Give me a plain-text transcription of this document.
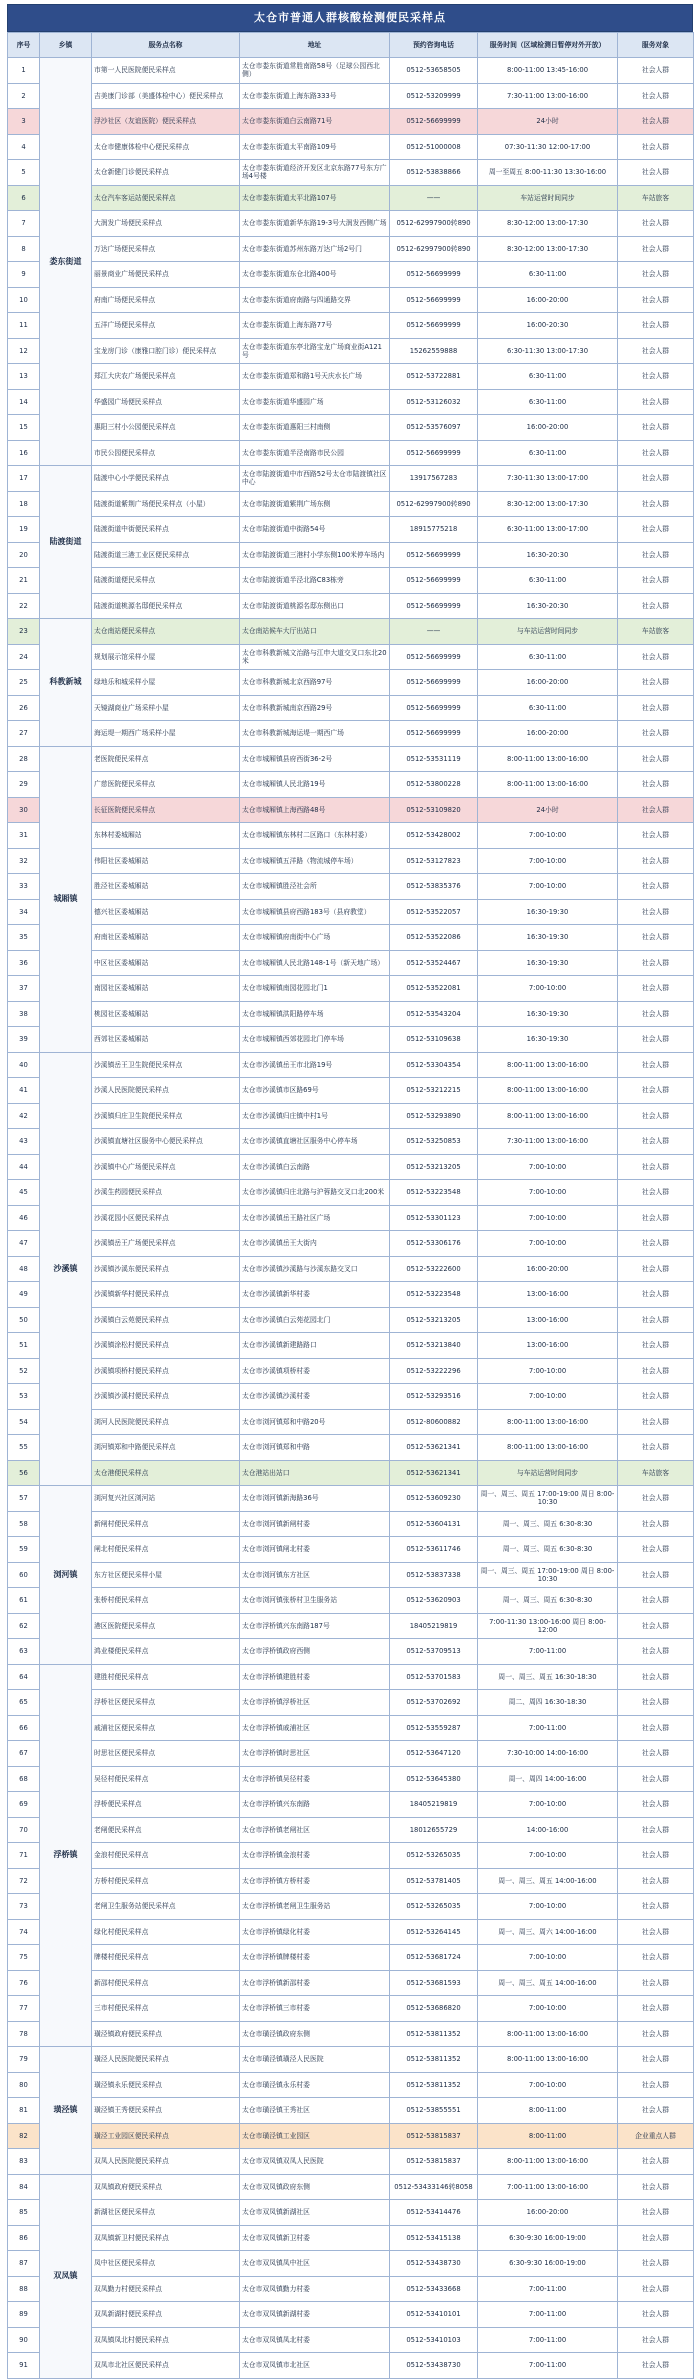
太仓市普通人群核酸检测便民采样点
序号	乡镇	服务点名称	地址	预约咨询电话	服务时间（区域检测日暂停对外开放）	服务对象
1	娄东街道	市第一人民医院便民采样点	太仓市娄东街道常胜南路58号（足球公园西北侧）	0512-53658505	8:00-11:00 13:45-16:00	社会人群
2		吉美康门诊部（美盛体检中心）便民采样点	太仓市娄东街道上海东路333号	0512-53209999	7:30-11:00 13:00-16:00	社会人群
3		浮沙社区（友谊医院）便民采样点	太仓市娄东街道白云南路71号	0512-56699999	24小时	社会人群
4		太仓市健康体检中心便民采样点	太仓市娄东街道太平南路109号	0512-51000008	07:30-11:30 12:00-17:00	社会人群
5		太仓新健门诊便民采样点	太仓市娄东街道经济开发区北京东路77号东方广场4号楼	0512-53838866	周一至周五 8:00-11:30 13:30-16:00	社会人群
6		太仓汽车客运站便民采样点	太仓市娄东街道太平北路107号	——	车站运营时间同步	车站旅客
7		大润发广场便民采样点	太仓市娄东街道新华东路19-3号大润发西侧广场	0512-62997900转890	8:30-12:00 13:00-17:30	社会人群
8		万达广场便民采样点	太仓市娄东街道苏州东路万达广场2号门	0512-62997900转890	8:30-12:00 13:00-17:30	社会人群
9		丽景商业广场便民采样点	太仓市娄东街道东仓北路400号	0512-56699999	6:30-11:00	社会人群
10		府南广场便民采样点	太仓市娄东街道府南路与四通路交界	0512-56699999	16:00-20:00	社会人群
11		五洋广场便民采样点	太仓市娄东街道上海东路77号	0512-56699999	16:00-20:30	社会人群
12		宝龙房门诊（康雅口腔门诊）便民采样点	太仓市娄东街道东亭北路宝龙广场商业街A121号	15262559888	6:30-11:30 13:00-17:30	社会人群
13		郑江大庆农广场便民采样点	太仓市娄东街道郑和路1号天庆水长广场	0512-53722881	6:30-11:00	社会人群
14		华盛园广场便民采样点	太仓市娄东街道华盛园广场	0512-53126032	6:30-11:00	社会人群
15		惠阳三村小公园便民采样点	太仓市娄东街道惠阳三村南侧	0512-53576097	16:00-20:00	社会人群
16		市民公园便民采样点	太仓市娄东街道半泾南路市民公园	0512-56699999	6:30-11:00	社会人群
17	陆渡街道	陆渡中心小学便民采样点	太仓市陆渡街道中市西路52号太仓市陆渡镇社区中心	13917567283	7:30-11:30 13:00-17:00	社会人群
18		陆渡街道紫荆广场便民采样点（小屋）	太仓市陆渡街道紫荆广场东侧	0512-62997900转890	8:30-12:00 13:00-17:30	社会人群
19		陆渡街道中街便民采样点	太仓市陆渡街道中街路54号	18915775218	6:30-11:00 13:00-17:00	社会人群
20		陆渡街道三港工业区便民采样点	太仓市陆渡街道三港村小学东侧100米停车场内	0512-56699999	16:30-20:30	社会人群
21		陆渡街道便民采样点	太仓市陆渡街道半泾北路C83栋旁	0512-56699999	6:30-11:00	社会人群
22		陆渡街道桃源名邸便民采样点	太仓市陆渡街道桃源名邸东侧出口	0512-56699999	16:30-20:30	社会人群
23	科教新城	太仓南站便民采样点	太仓南站候车大厅出站口	——	与车站运营时间同步	车站旅客
24		规划展示馆采样小屋	太仓市科教新城文治路与江申大道交叉口东北20米	0512-56699999	6:30-11:00	社会人群
25		绿地乐和城采样小屋	太仓市科教新城北京西路97号	0512-56699999	16:00-20:00	社会人群
26		天镜湖商业广场采样小屋	太仓市科教新城南京西路29号	0512-56699999	6:30-11:00	社会人群
27		海运堤一期西广场采样小屋	太仓市科教新城海运堤一期西广场	0512-56699999	16:00-20:00	社会人群
28	城厢镇	老医院便民采样点	太仓市城厢镇县府西街36-2号	0512-53531119	8:00-11:00 13:00-16:00	社会人群
29		广慈医院便民采样点	太仓市城厢镇人民北路19号	0512-53800228	8:00-11:00 13:00-16:00	社会人群
30		长征医院便民采样点	太仓市城厢镇上海西路48号	0512-53109820	24小时	社会人群
31		东林村委城厢站	太仓市城厢镇东林村二区路口（东林村委）	0512-53428002	7:00-10:00	社会人群
32		伟阳社区委城厢站	太仓市城厢镇五洋路（物流城停车场）	0512-53127823	7:00-10:00	社会人群
33		胜泾社区委城厢站	太仓市城厢镇胜泾社会所	0512-53835376	7:00-10:00	社会人群
34		德兴社区委城厢站	太仓市城厢镇县府西路183号（县府教堂）	0512-53522057	16:30-19:30	社会人群
35		府南社区委城厢站	太仓市城厢镇府南街中心广场	0512-53522086	16:30-19:30	社会人群
36		中区社区委城厢站	太仓市城厢镇人民北路148-1号（新天地广场）	0512-53524467	16:30-19:30	社会人群
37		南园社区委城厢站	太仓市城厢镇南园花园北门1	0512-53522081	7:00-10:00	社会人群
38		桃园社区委城厢站	太仓市城厢镇洪阳路停车场	0512-53543204	16:30-19:30	社会人群
39		西郊社区委城厢站	太仓市城厢镇西郊花园北门停车场	0512-53109638	16:30-19:30	社会人群
40	沙溪镇	沙溪镇岳王卫生院便民采样点	太仓市沙溪镇岳王市北路19号	0512-53304354	8:00-11:00 13:00-16:00	社会人群
41		沙溪人民医院便民采样点	太仓市沙溪镇市区路69号	0512-53212215	8:00-11:00 13:00-16:00	社会人群
42		沙溪镇归庄卫生院便民采样点	太仓市沙溪镇归庄镇中村1号	0512-53293890	8:00-11:00 13:00-16:00	社会人群
43		沙溪镇直塘社区服务中心便民采样点	太仓市沙溪镇直塘社区服务中心停车场	0512-53250853	7:30-11:00 13:00-16:00	社会人群
44		沙溪镇中心广场便民采样点	太仓市沙溪镇白云南路	0512-53213205	7:00-10:00	社会人群
45		沙溪生药园便民采样点	太仓市沙溪镇归庄北路与沪蓉路交叉口北200米	0512-53223548	7:00-10:00	社会人群
46		沙溪花园小区便民采样点	太仓市沙溪镇岳王路社区广场	0512-53301123	7:00-10:00	社会人群
47		沙溪镇岳王广场便民采样点	太仓市沙溪镇岳王大街内	0512-53306176	7:00-10:00	社会人群
48		沙溪镇沙溪东便民采样点	太仓市沙溪镇沙溪路与沙溪东路交叉口	0512-53222600	16:00-20:00	社会人群
49		沙溪镇新华村便民采样点	太仓市沙溪镇新华村委	0512-53223548	13:00-16:00	社会人群
50		沙溪镇白云苑便民采样点	太仓市沙溪镇白云苑花园北门	0512-53213205	13:00-16:00	社会人群
51		沙溪镇涂松村便民采样点	太仓市沙溪镇新建路路口	0512-53213840	13:00-16:00	社会人群
52		沙溪镇项桥村便民采样点	太仓市沙溪镇项桥村委	0512-53222296	7:00-10:00	社会人群
53		沙溪镇沙溪村便民采样点	太仓市沙溪镇沙溪村委	0512-53293516	7:00-10:00	社会人群
54		浏河人民医院便民采样点	太仓市浏河镇郑和中路20号	0512-80600882	8:00-11:00 13:00-16:00	社会人群
55		浏河镇郑和中路便民采样点	太仓市浏河镇郑和中路	0512-53621341	8:00-11:00 13:00-16:00	社会人群
56		太仓港便民采样点	太仓港站出站口	0512-53621341	与车站运营时间同步	车站旅客
57	浏河镇	浏河复兴社区浏河站	太仓市浏河镇新海路36号	0512-53609230	周一、周三、周五 17:00-19:00 周日 8:00-10:30	社会人群
58		新闸村便民采样点	太仓市浏河镇新闸村委	0512-53604131	周一、周三、周五 6:30-8:30	社会人群
59		闸北村便民采样点	太仓市浏河镇闸北村委	0512-53611746	周一、周三、周五 6:30-8:30	社会人群
60		东方社区便民采样小屋	太仓市浏河镇东方社区	0512-53837338	周一、周三、周五 17:00-19:00 周日 8:00-10:30	社会人群
61		张桥村便民采样点	太仓市浏河镇张桥村卫生服务站	0512-53620903	周一、周三、周五 6:30-8:30	社会人群
62		港区医院便民采样点	太仓市浮桥镇兴东南路187号	18405219819	7:00-11:30 13:00-16:00 周日 8:00-12:00	社会人群
63		鸿业楼便民采样点	太仓市浮桥镇政府西侧	0512-53709513	7:00-11:00	社会人群
64	浮桥镇	建胜村便民采样点	太仓市浮桥镇建胜村委	0512-53701583	周一、周三、周五 16:30-18:30	社会人群
65		浮桥社区便民采样点	太仓市浮桥镇浮桥社区	0512-53702692	周二、周四 16:30-18:30	社会人群
66		戚浦社区便民采样点	太仓市浮桥镇戚浦社区	0512-53559287	7:00-11:00	社会人群
67		时思社区便民采样点	太仓市浮桥镇时思社区	0512-53647120	7:30-10:00 14:00-16:00	社会人群
68		吴径村便民采样点	太仓市浮桥镇吴径村委	0512-53645380	周一、周四 14:00-16:00	社会人群
69		浮桥便民采样点	太仓市浮桥镇兴东南路	18405219819	7:00-10:00	社会人群
70		老闸便民采样点	太仓市浮桥镇老闸社区	18012655729	14:00-16:00	社会人群
71		金浪村便民采样点	太仓市浮桥镇金浪村委	0512-53265035	7:00-10:00	社会人群
72		方桥村便民采样点	太仓市浮桥镇方桥村委	0512-53781405	周一、周三、周五 14:00-16:00	社会人群
73		老闸卫生服务站便民采样点	太仓市浮桥镇老闸卫生服务站	0512-53265035	7:00-10:00	社会人群
74		绿化村便民采样点	太仓市浮桥镇绿化村委	0512-53264145	周一、周三、周六 14:00-16:00	社会人群
75		牌楼村便民采样点	太仓市浮桥镇牌楼村委	0512-53681724	7:00-10:00	社会人群
76		新邵村便民采样点	太仓市浮桥镇新邵村委	0512-53681593	周一、周三、周五 14:00-16:00	社会人群
77		三市村便民采样点	太仓市浮桥镇三市村委	0512-53686820	7:00-10:00	社会人群
78		璜泾镇政府便民采样点	太仓市璜泾镇政府东侧	0512-53811352	8:00-11:00 13:00-16:00	社会人群
79	璜泾镇	璜泾人民医院便民采样点	太仓市璜泾镇璜泾人民医院	0512-53811352	8:00-11:00 13:00-16:00	社会人群
80		璜泾镇永乐便民采样点	太仓市璜泾镇永乐村委	0512-53811352	7:00-10:00	社会人群
81		璜泾镇王秀便民采样点	太仓市璜泾镇王秀社区	0512-53855551	8:00-11:00	社会人群
82		璜泾工业园区便民采样点	太仓市璜泾镇工业园区	0512-53815837	8:00-11:00	企业重点人群
83		双凤人民医院便民采样点	太仓市双凤镇双凤人民医院	0512-53815837	8:00-11:00 13:00-16:00	社会人群
84	双凤镇	双凤镇政府便民采样点	太仓市双凤镇政府东侧	0512-53433146转8058	7:00-11:00 13:00-16:00	社会人群
85		新湖社区便民采样点	太仓市双凤镇新湖社区	0512-53414476	16:00-20:00	社会人群
86		双凤镇新卫村便民采样点	太仓市双凤镇新卫村委	0512-53415138	6:30-9:30 16:00-19:00	社会人群
87		凤中社区便民采样点	太仓市双凤镇凤中社区	0512-53438730	6:30-9:30 16:00-19:00	社会人群
88		双凤勤力村便民采样点	太仓市双凤镇勤力村委	0512-53433668	7:00-11:00	社会人群
89		双凤新湖村便民采样点	太仓市双凤镇新湖村委	0512-53410101	7:00-11:00	社会人群
90		双凤镇凤北村便民采样点	太仓市双凤镇凤北村委	0512-53410103	7:00-11:00	社会人群
91		双凤市北社区便民采样点	太仓市双凤镇市北社区	0512-53438730	7:00-11:00	社会人群
